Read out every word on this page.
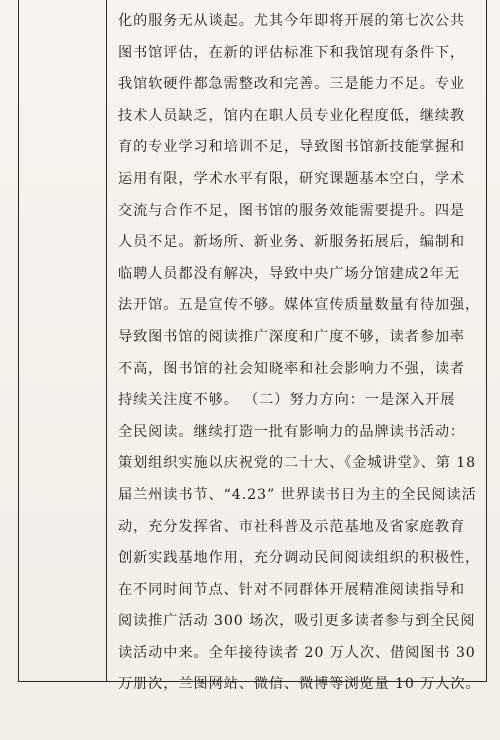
化的服务无从谈起。尤其今年即将开展的第七次公共
图书馆评估，在新的评估标准下和我馆现有条件下，
我馆软硬件都急需整改和完善。三是能力不足。专业
技术人员缺乏，馆内在职人员专业化程度低，继续教
育的专业学习和培训不足，导致图书馆新技能掌握和
运用有限，学术水平有限，研究课题基本空白，学术
交流与合作不足，图书馆的服务效能需要提升。四是
人员不足。新场所、新业务、新服务拓展后，编制和
临聘人员都没有解决，导致中央广场分馆建成2年无
法开馆。五是宣传不够。媒体宣传质量数量有待加强，
导致图书馆的阅读推广深度和广度不够，读者参加率
不高，图书馆的社会知晓率和社会影响力不强，读者
持续关注度不够。 （二）努力方向：一是深入开展
全民阅读。继续打造一批有影响力的品牌读书活动：
策划组织实施以庆祝党的二十大、《金城讲堂》、第 18
届兰州读书节、“4.23” 世界读书日为主的全民阅读活
动，充分发挥省、市社科普及示范基地及省家庭教育
创新实践基地作用，充分调动民间阅读组织的积极性，
在不同时间节点、针对不同群体开展精准阅读指导和
阅读推广活动 300 场次，吸引更多读者参与到全民阅
读活动中来。全年接待读者 20 万人次、借阅图书 30
万册次，兰图网站、微信、微博等浏览量 10 万人次。
